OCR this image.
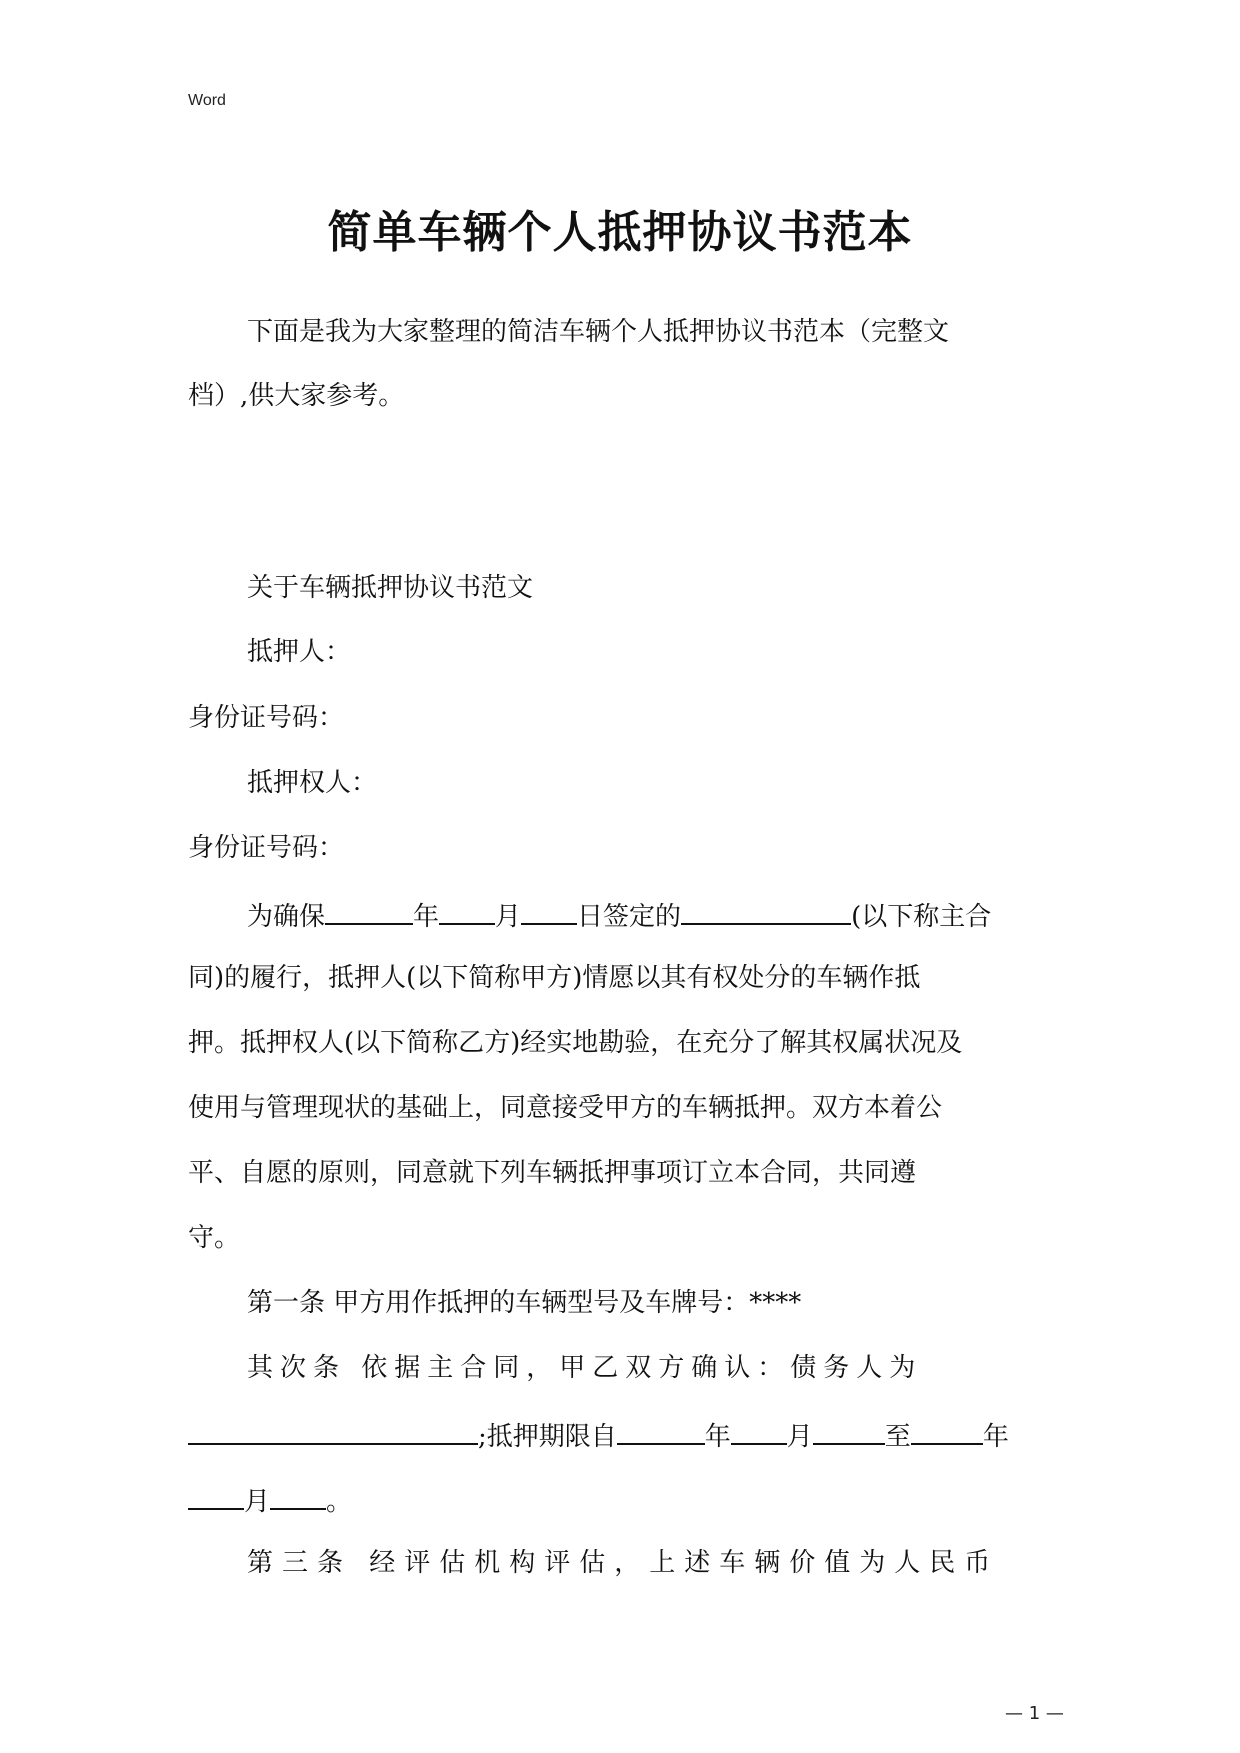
Word
简单车辆个人抵押协议书范本
下面是我为大家整理的简洁车辆个人抵押协议书范本（完整文
档）,供大家参考。
关于车辆抵押协议书范文
抵押人：
身份证号码：
抵押权人：
身份证号码：
为确保	年 月 日签定的	(以下称主合
同)的履行，抵押人(以下简称甲方)情愿以其有权处分的车辆作抵
押。抵押权人(以下简称乙方)经实地勘验，在充分了解其权属状况及
使用与管理现状的基础上，同意接受甲方的车辆抵押。双方本着公
平、自愿的原则，同意就下列车辆抵押事项订立本合同，共同遵
守。
第一条 甲方用作抵押的车辆型号及车牌号：****
其次条 依据主合同，甲乙双方确认：债务人为
;抵押期限自	年 月	至	年
月 。
第三条 经评估机构评估，上述车辆价值为人民币
— 1 —
